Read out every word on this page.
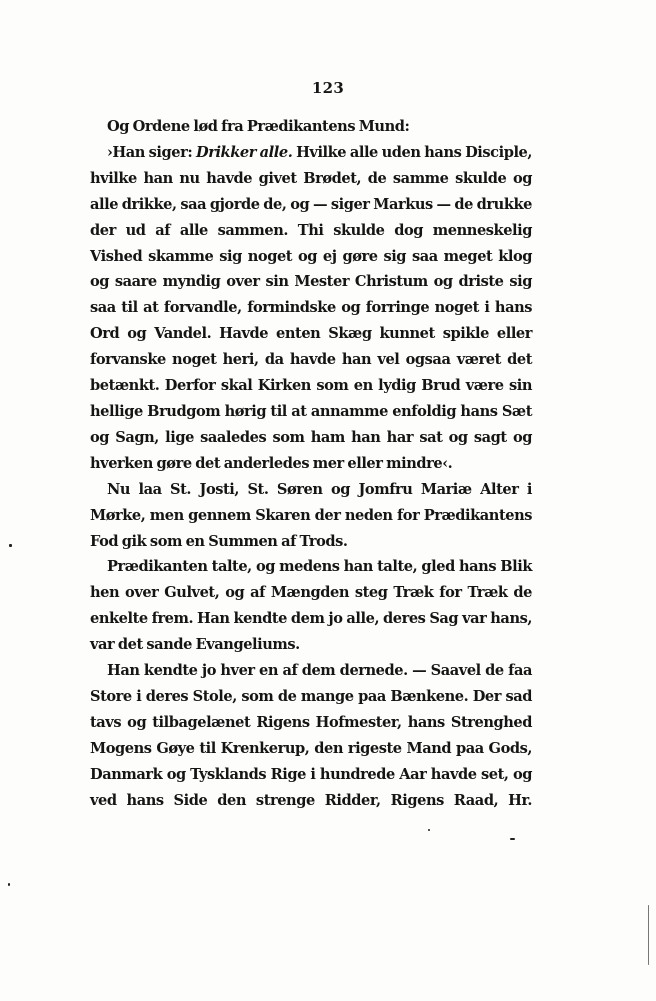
123

Og Ordene lød fra Prædikantens Mund:

›Han siger: Drikker alle. Hvilke alle uden hans Disciple, hvilke han nu havde givet Brødet, de samme skulde og alle drikke, saa gjorde de, og — siger Markus — de drukke der ud af alle sammen. Thi skulde dog menneskelig Vished skamme sig noget og ej gøre sig saa meget klog og saare myndig over sin Mester Christum og driste sig saa til at forvandle, formindske og forringe noget i hans Ord og Vandel. Havde enten Skæg kunnet spikle eller forvanske noget heri, da havde han vel ogsaa været det betænkt. Derfor skal Kirken som en lydig Brud være sin hellige Brudgom hørig til at annamme enfoldig hans Sæt og Sagn, lige saaledes som ham han har sat og sagt og hverken gøre det anderledes mer eller mindre‹.

Nu laa St. Josti, St. Søren og Jomfru Mariæ Alter i Mørke, men gennem Skaren der neden for Prædikantens Fod gik som en Summen af Trods.

Prædikanten talte, og medens han talte, gled hans Blik hen over Gulvet, og af Mængden steg Træk for Træk de enkelte frem. Han kendte dem jo alle, deres Sag var hans, var det sande Evangeliums.

Han kendte jo hver en af dem dernede. — Saavel de faa Store i deres Stole, som de mange paa Bænkene. Der sad tavs og tilbagelænet Rigens Hofmester, hans Strenghed Mogens Gøye til Krenkerup, den rigeste Mand paa Gods, Danmark og Tysklands Rige i hundrede Aar havde set, og ved hans Side den strenge Ridder, Rigens Raad, Hr.
